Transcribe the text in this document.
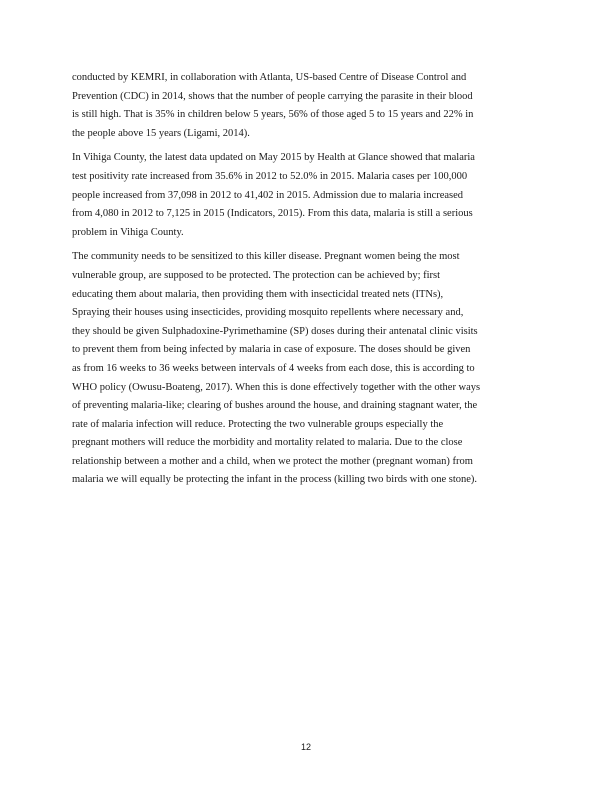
conducted by KEMRI, in collaboration with Atlanta, US-based Centre of Disease Control and
Prevention (CDC) in 2014, shows that the number of people carrying the parasite in their blood
is still high. That is 35% in children below 5 years, 56% of those aged 5 to 15 years and 22% in
the people above 15 years (Ligami, 2014).

In Vihiga County, the latest data updated on May 2015 by Health at Glance showed that malaria
test positivity rate increased from 35.6% in 2012 to 52.0% in 2015. Malaria cases per 100,000
people increased from 37,098 in 2012 to 41,402 in 2015. Admission due to malaria increased
from 4,080 in 2012 to 7,125 in 2015 (Indicators, 2015). From this data, malaria is still a serious
problem in Vihiga County.

The community needs to be sensitized to this killer disease. Pregnant women being the most
vulnerable group, are supposed to be protected. The protection can be achieved by; first
educating them about malaria, then providing them with insecticidal treated nets (ITNs),
Spraying their houses using insecticides, providing mosquito repellents where necessary and,
they should be given Sulphadoxine-Pyrimethamine (SP) doses during their antenatal clinic visits
to prevent them from being infected by malaria in case of exposure. The doses should be given
as from 16 weeks to 36 weeks between intervals of 4 weeks from each dose, this is according to
WHO policy (Owusu-Boateng, 2017). When this is done effectively together with the other ways
of preventing malaria-like; clearing of bushes around the house, and draining stagnant water, the
rate of malaria infection will reduce. Protecting the two vulnerable groups especially the
pregnant mothers will reduce the morbidity and mortality related to malaria. Due to the close
relationship between a mother and a child, when we protect the mother (pregnant woman) from
malaria we will equally be protecting the infant in the process (killing two birds with one stone).

12
